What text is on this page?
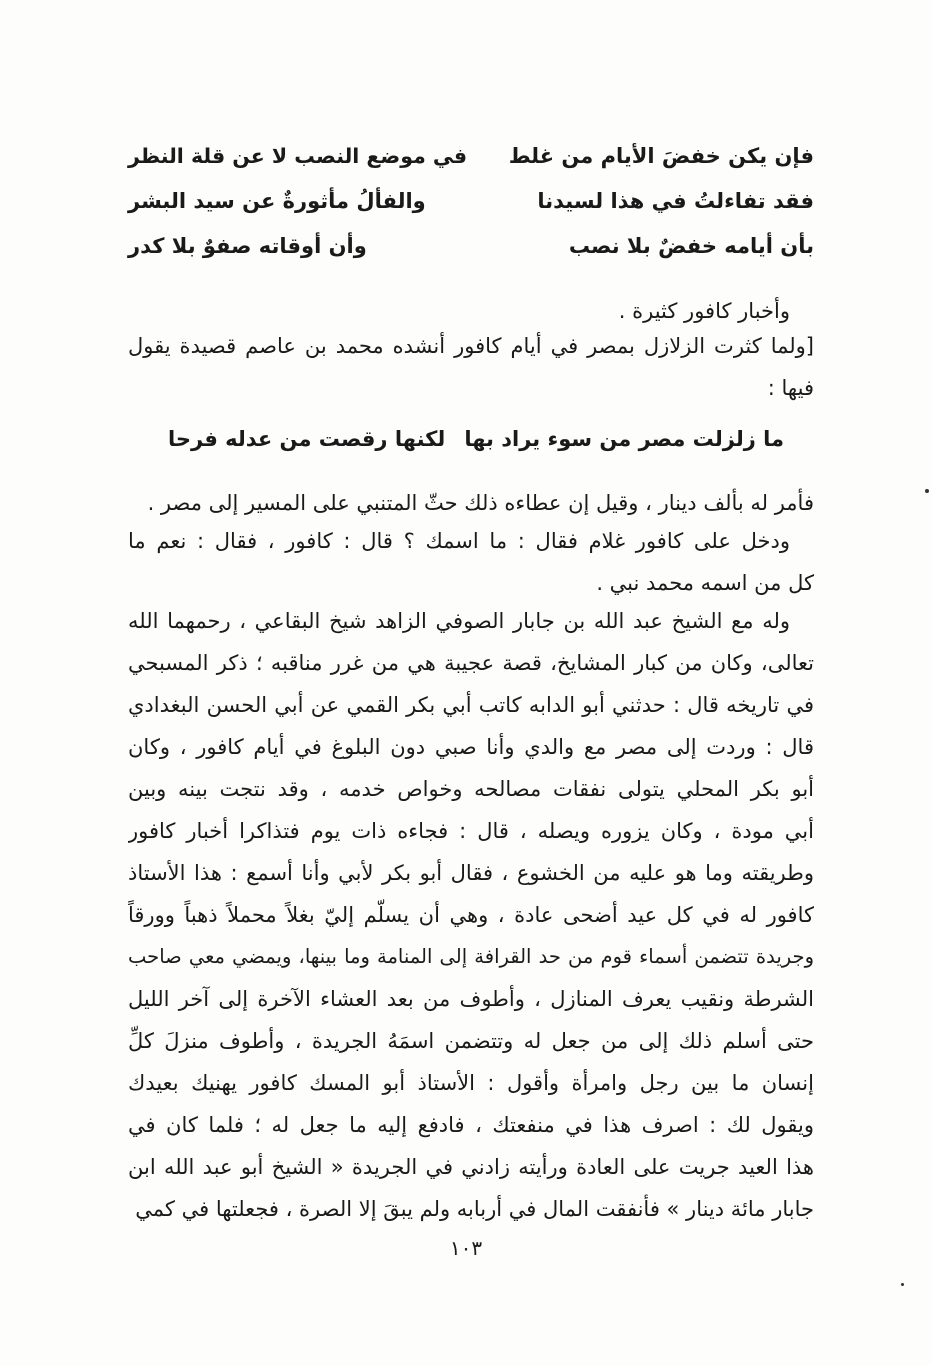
فإن يكن خفضَ الأيام من غلط
في موضع النصب لا عن قلة النظر
فقد تفاءلتُ في هذا لسيدنا
والفألُ مأثورةٌ عن سيد البشر
بأن أيامه خفضٌ بلا نصب
وأن أوقاته صفوٌ بلا كدر
وأخبار كافور كثيرة .
[ولما كثرت الزلازل بمصر في أيام كافور أنشده محمد بن عاصم قصيدة يقول
فيها :
ما زلزلت مصر من سوء يراد بها
لكنها رقصت من عدله فرحا
فأمر له بألف دينار ، وقيل إن عطاءه ذلك حثّ المتنبي على المسير إلى مصر .
ودخل على كافور غلام فقال : ما اسمك ؟ قال : كافور ، فقال : نعم ما
كل من اسمه محمد نبي .
وله مع الشيخ عبد الله بن جابار الصوفي الزاهد شيخ البقاعي ، رحمهما الله
تعالى، وكان من كبار المشايخ، قصة عجيبة هي من غرر مناقبه ؛ ذكر المسبحي
في تاريخه قال : حدثني أبو الدابه كاتب أبي بكر القمي عن أبي الحسن البغدادي
قال : وردت إلى مصر مع والدي وأنا صبي دون البلوغ في أيام كافور ، وكان
أبو بكر المحلي يتولى نفقات مصالحه وخواص خدمه ، وقد نتجت بينه وبين
أبي مودة ، وكان يزوره ويصله ، قال : فجاءه ذات يوم فتذاكرا أخبار كافور
وطريقته وما هو عليه من الخشوع ، فقال أبو بكر لأبي وأنا أسمع : هذا الأستاذ
كافور له في كل عيد أضحى عادة ، وهي أن يسلّم إليّ بغلاً محملاً ذهباً وورقاً
وجريدة تتضمن أسماء قوم من حد القرافة إلى المنامة وما بينها، ويمضي معي صاحب
الشرطة ونقيب يعرف المنازل ، وأطوف من بعد العشاء الآخرة إلى آخر الليل
حتى أسلم ذلك إلى من جعل له وتتضمن اسمَهُ الجريدة ، وأطوف منزلَ كلِّ
إنسان ما بين رجل وامرأة وأقول : الأستاذ أبو المسك كافور يهنيك بعيدك
ويقول لك : اصرف هذا في منفعتك ، فادفع إليه ما جعل له ؛ فلما كان في
هذا العيد جريت على العادة ورأيته زادني في الجريدة « الشيخ أبو عبد الله ابن
جابار مائة دينار » فأنفقت المال في أربابه ولم يبقَ إلا الصرة ، فجعلتها في كمي
١٠٣
